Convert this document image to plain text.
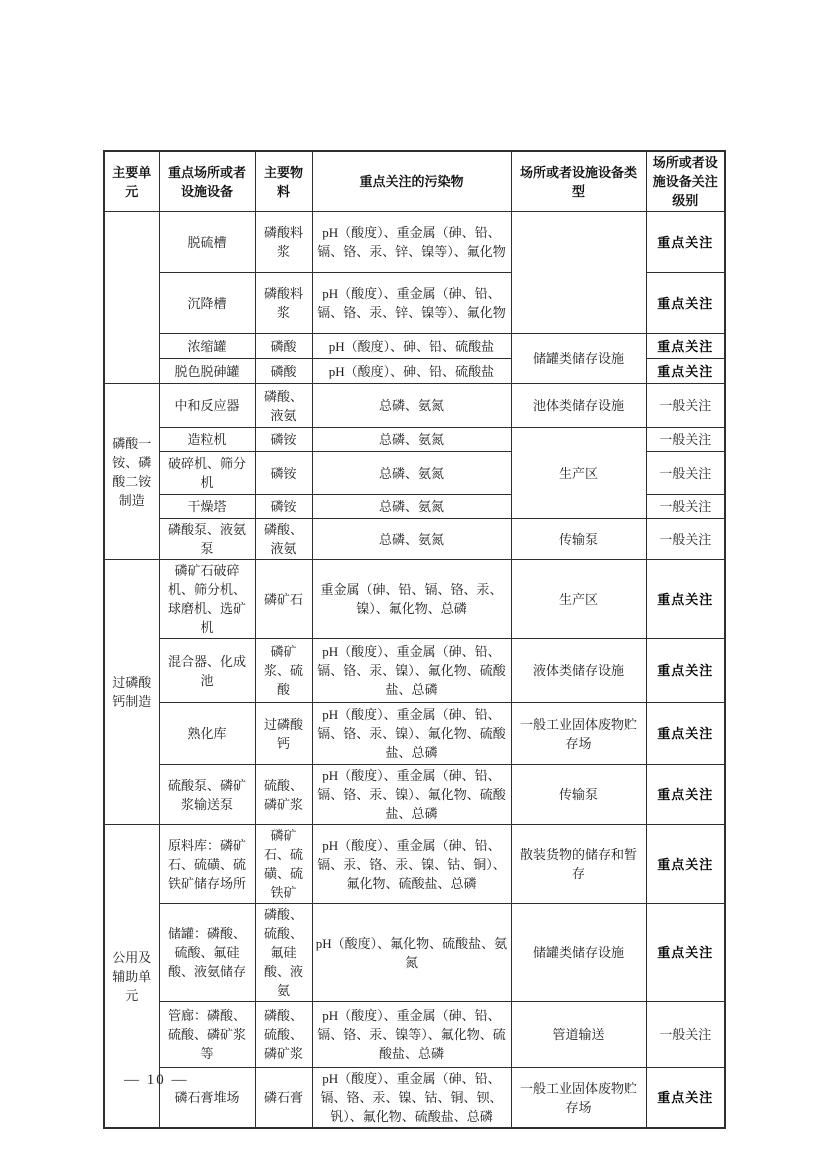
主要单元	重点场所或者设施设备	主要物料	重点关注的污染物	场所或者设施设备类型	场所或者设施设备关注级别
	脱硫槽	磷酸料浆	pH（酸度）、重金属（砷、铅、镉、铬、汞、锌、镍等）、氟化物		重点关注
	沉降槽	磷酸料浆	pH（酸度）、重金属（砷、铅、镉、铬、汞、锌、镍等）、氟化物		重点关注
	浓缩罐	磷酸	pH（酸度）、砷、铅、硫酸盐	储罐类储存设施	重点关注
	脱色脱砷罐	磷酸	pH（酸度）、砷、铅、硫酸盐		重点关注
磷酸一铵、磷酸二铵制造	中和反应器	磷酸、液氨	总磷、氨氮	池体类储存设施	一般关注
	造粒机	磷铵	总磷、氨氮	生产区	一般关注
	破碎机、筛分机	磷铵	总磷、氨氮		一般关注
	干燥塔	磷铵	总磷、氨氮		一般关注
	磷酸泵、液氨泵	磷酸、液氨	总磷、氨氮	传输泵	一般关注
过磷酸钙制造	磷矿石破碎机、筛分机、球磨机、选矿机	磷矿石	重金属（砷、铅、镉、铬、汞、镍）、氟化物、总磷	生产区	重点关注
	混合器、化成池	磷矿浆、硫酸	pH（酸度）、重金属（砷、铅、镉、铬、汞、镍）、氟化物、硫酸盐、总磷	液体类储存设施	重点关注
	熟化库	过磷酸钙	pH（酸度）、重金属（砷、铅、镉、铬、汞、镍）、氟化物、硫酸盐、总磷	一般工业固体废物贮存场	重点关注
	硫酸泵、磷矿浆输送泵	硫酸、磷矿浆	pH（酸度）、重金属（砷、铅、镉、铬、汞、镍）、氟化物、硫酸盐、总磷	传输泵	重点关注
公用及辅助单元	原料库：磷矿石、硫磺、硫铁矿储存场所	磷矿石、硫磺、硫铁矿	pH（酸度）、重金属（砷、铅、镉、汞、铬、汞、镍、钴、铜）、氟化物、硫酸盐、总磷	散装货物的储存和暂存	重点关注
	储罐：磷酸、硫酸、氟硅酸、液氨储存	磷酸、硫酸、氟硅酸、液氨	pH（酸度）、氟化物、硫酸盐、氨氮	储罐类储存设施	重点关注
	管廊：磷酸、硫酸、磷矿浆等	磷酸、硫酸、磷矿浆	pH（酸度）、重金属（砷、铅、镉、铬、汞、镍等）、氟化物、硫酸盐、总磷	管道输送	一般关注
	磷石膏堆场	磷石膏	pH（酸度）、重金属（砷、铅、镉、铬、汞、镍、钴、铜、钡、钒）、氟化物、硫酸盐、总磷	一般工业固体废物贮存场	重点关注
— 10 —
